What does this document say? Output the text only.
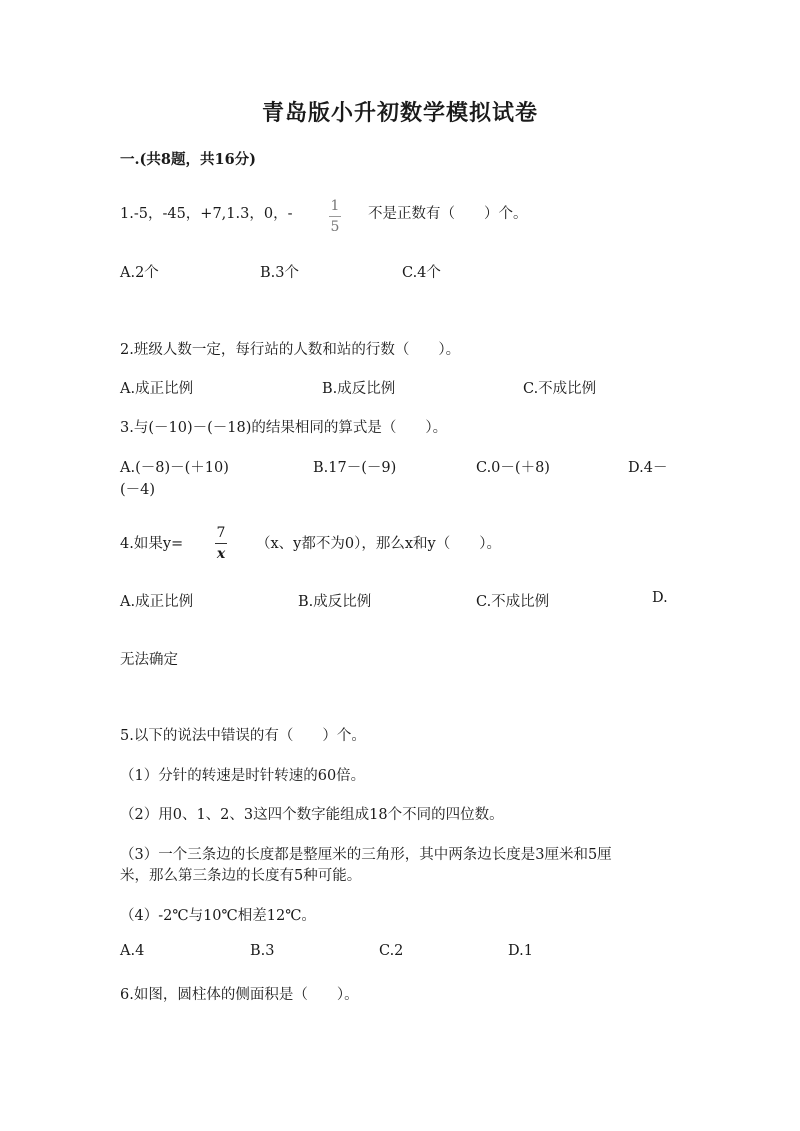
青岛版小升初数学模拟试卷
一.(共8题，共16分)
1.-5，-45，+7,1.3，0，-	1
5
不是正数有（　　）个。
A.2个	B.3个	C.4个
2.班级人数一定，每行站的人数和站的行数（　　）。
A.成正比例	B.成反比例	C.不成比例
3.与(－10)－(－18)的结果相同的算式是（　　）。
A.(－8)－(＋10)	B.17－(－9)	C.0－(＋8)	D.4－
(－4)
4.如果y=
7
x
（x、y都不为0），那么x和y（　　）。
A.成正比例	B.成反比例	C.不成比例	D.
无法确定
5.以下的说法中错误的有（　　）个。
（1）分针的转速是时针转速的60倍。
（2）用0、1、2、3这四个数字能组成18个不同的四位数。
（3）一个三条边的长度都是整厘米的三角形，其中两条边长度是3厘米和5厘
米，那么第三条边的长度有5种可能。
（4）-2℃与10℃相差12℃。
A.4	B.3	C.2	D.1
6.如图，圆柱体的侧面积是（　　）。
